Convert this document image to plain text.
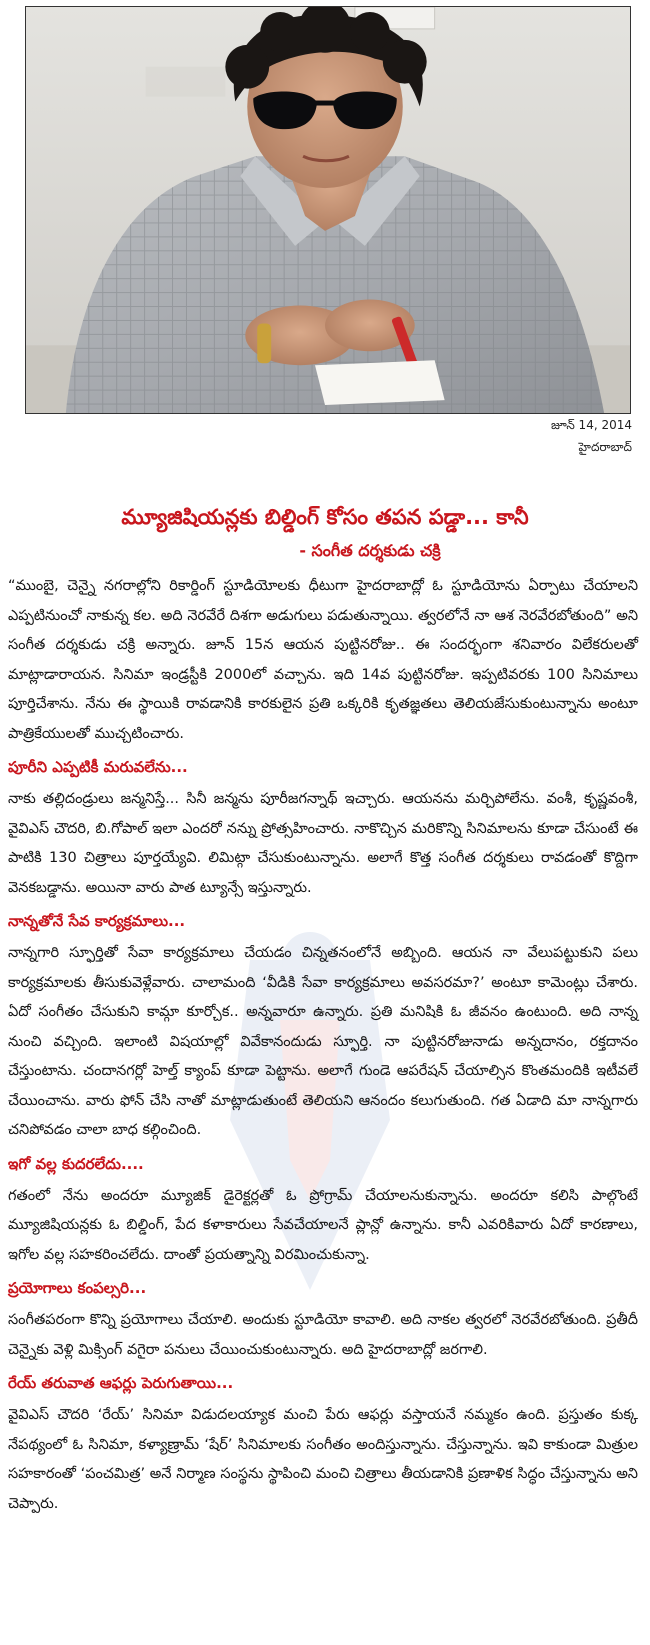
జూన్ 14, 2014
హైదరాబాద్
మ్యూజిషియన్లకు బిల్డింగ్ కోసం తపన పడ్డా... కానీ
- సంగీత దర్శకుడు చక్రి

“ముంబై, చెన్నై నగరాల్లోని రికార్డింగ్ స్టూడియోలకు ధీటుగా హైదరాబాద్లో ఓ స్టూడియోను ఏర్పాటు చేయాలని ఎప్పటినుంచో నాకున్న కల. అది నెరవేరే దిశగా అడుగులు పడుతున్నాయి. త్వరలోనే నా ఆశ నెరవేరబోతుంది” అని సంగీత దర్శకుడు చక్రి అన్నారు. జూన్ 15న ఆయన పుట్టినరోజు.. ఈ సందర్భంగా శనివారం విలేకరులతో మాట్లాడారాయన. సినిమా ఇండ్రస్టీకి 2000లో వచ్చాను. ఇది 14వ పుట్టినరోజు. ఇప్పటివరకు 100 సినిమాలు పూర్తిచేశాను. నేను ఈ స్థాయికి రావడానికి కారకులైన ప్రతి ఒక్కరికి కృతజ్ఞతలు తెలియజేసుకుంటున్నాను అంటూ పాత్రికేయులతో ముచ్చటించారు.

పూరీని ఎప్పటికీ మరువలేను...

నాకు తల్లిదండ్రులు జన్మనిస్తే... సినీ జన్మను పూరీజగన్నాథ్ ఇచ్చారు. ఆయనను మర్చిపోలేను. వంశీ, కృష్ణవంశీ, వైవిఎస్ చౌదరి, బి.గోపాల్ ఇలా ఎందరో నన్ను ప్రోత్సహించారు. నాకొచ్చిన మరికొన్ని సినిమాలను కూడా చేసుంటే ఈ పాటికి 130 చిత్రాలు పూర్తయ్యేవి. లిమిట్గా చేసుకుంటున్నాను. అలాగే కొత్త సంగీత దర్శకులు రావడంతో కొద్దిగా వెనకబడ్డాను. అయినా వారు పాత ట్యూన్సే ఇస్తున్నారు.

నాన్నతోనే సేవ కార్యక్రమాలు...

నాన్నగారి స్ఫూర్తితో సేవా కార్యక్రమాలు చేయడం చిన్నతనంలోనే అబ్బింది. ఆయన నా వేలుపట్టుకుని పలు కార్యక్రమాలకు తీసుకువెళ్లేవారు. చాలామంది ‘వీడికి సేవా కార్యక్రమాలు అవసరమా?’ అంటూ కామెంట్లు చేశారు. ఏదో సంగీతం చేసుకుని కామ్గా కూర్చోక.. అన్నవారూ ఉన్నారు. ప్రతి మనిషికి ఓ జీవనం ఉంటుంది. అది నాన్న నుంచి వచ్చింది. ఇలాంటి విషయాల్లో వివేకానందుడు స్ఫూర్తి. నా పుట్టినరోజునాడు అన్నదానం, రక్తదానం చేస్తుంటాను. చందానగర్లో హెల్త్ క్యాంప్ కూడా పెట్టాను. అలాగే గుండె ఆపరేషన్ చేయాల్సిన కొంతమందికి ఇటీవలే చేయించాను. వారు ఫోన్ చేసి నాతో మాట్లాడుతుంటే తెలియని ఆనందం కలుగుతుంది. గత ఏడాది మా నాన్నగారు చనిపోవడం చాలా బాధ కల్గించింది.

ఇగో వల్ల కుదరలేదు....

గతంలో నేను అందరూ మ్యూజిక్ డైరెక్టర్లతో ఓ ప్రోగ్రామ్ చేయాలనుకున్నాను. అందరూ కలిసి పాల్గొంటే మ్యూజిషియన్లకు ఓ బిల్డింగ్, పేద కళాకారులు సేవచేయాలనే ప్లాన్లో ఉన్నాను. కానీ ఎవరికివారు ఏదో కారణాలు, ఇగోల వల్ల సహకరించలేదు. దాంతో ప్రయత్నాన్ని విరమించుకున్నా.

ప్రయోగాలు కంపల్సరి...

సంగీతపరంగా కొన్ని ప్రయోగాలు చేయాలి. అందుకు స్టూడియో కావాలి. అది నాకల త్వరలో నెరవేరబోతుంది. ప్రతీదీ చెన్నైకు వెళ్లి మిక్సింగ్ వగైరా పనులు చేయించుకుంటున్నారు. అది హైదరాబాద్లో జరగాలి.

రేయ్ తరువాత ఆఫర్లు పెరుగుతాయి...

వైవిఎస్ చౌదరి ‘రేయ్’ సినిమా విడుదలయ్యాక మంచి పేరు ఆఫర్లు వస్తాయనే నమ్మకం ఉంది. ప్రస్తుతం కుక్క నేపథ్యంలో ఓ సినిమా, కళ్యాణ్రామ్ ‘షేర్’ సినిమాలకు సంగీతం అందిస్తున్నాను. చేస్తున్నాను. ఇవి కాకుండా మిత్రుల సహకారంతో ‘పంచమిత్ర’ అనే నిర్మాణ సంస్థను స్థాపించి మంచి చిత్రాలు తీయడానికి ప్రణాళిక సిద్ధం చేస్తున్నాను అని చెప్పారు.
